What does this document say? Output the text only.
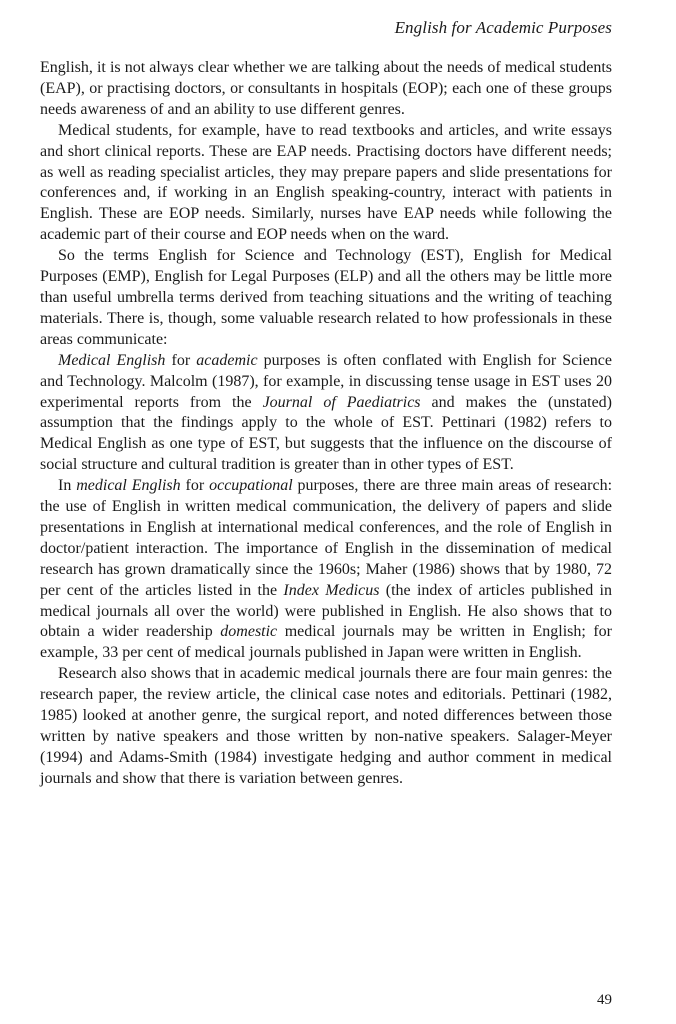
English for Academic Purposes

English, it is not always clear whether we are talking about the needs of medical students (EAP), or practising doctors, or consultants in hospitals (EOP); each one of these groups needs awareness of and an ability to use different genres.

Medical students, for example, have to read textbooks and articles, and write essays and short clinical reports. These are EAP needs. Practising doctors have different needs; as well as reading specialist articles, they may prepare papers and slide presentations for conferences and, if working in an English speaking-country, interact with patients in English. These are EOP needs. Similarly, nurses have EAP needs while following the academic part of their course and EOP needs when on the ward.

So the terms English for Science and Technology (EST), English for Medical Purposes (EMP), English for Legal Purposes (ELP) and all the others may be little more than useful umbrella terms derived from teaching situations and the writing of teaching materials. There is, though, some valuable research related to how professionals in these areas communicate:

Medical English for academic purposes is often conflated with English for Science and Technology. Malcolm (1987), for example, in discussing tense usage in EST uses 20 experimental reports from the Journal of Paediatrics and makes the (unstated) assumption that the findings apply to the whole of EST. Pettinari (1982) refers to Medical English as one type of EST, but suggests that the influence on the discourse of social structure and cultural tradition is greater than in other types of EST.

In medical English for occupational purposes, there are three main areas of research: the use of English in written medical communication, the delivery of papers and slide presentations in English at international medical conferences, and the role of English in doctor/patient interaction. The importance of English in the dissemination of medical research has grown dramatically since the 1960s; Maher (1986) shows that by 1980, 72 per cent of the articles listed in the Index Medicus (the index of articles published in medical journals all over the world) were published in English. He also shows that to obtain a wider readership domestic medical journals may be written in English; for example, 33 per cent of medical journals published in Japan were written in English.

Research also shows that in academic medical journals there are four main genres: the research paper, the review article, the clinical case notes and editorials. Pettinari (1982, 1985) looked at another genre, the surgical report, and noted differences between those written by native speakers and those written by non-native speakers. Salager-Meyer (1994) and Adams-Smith (1984) investigate hedging and author comment in medical journals and show that there is variation between genres.

49
